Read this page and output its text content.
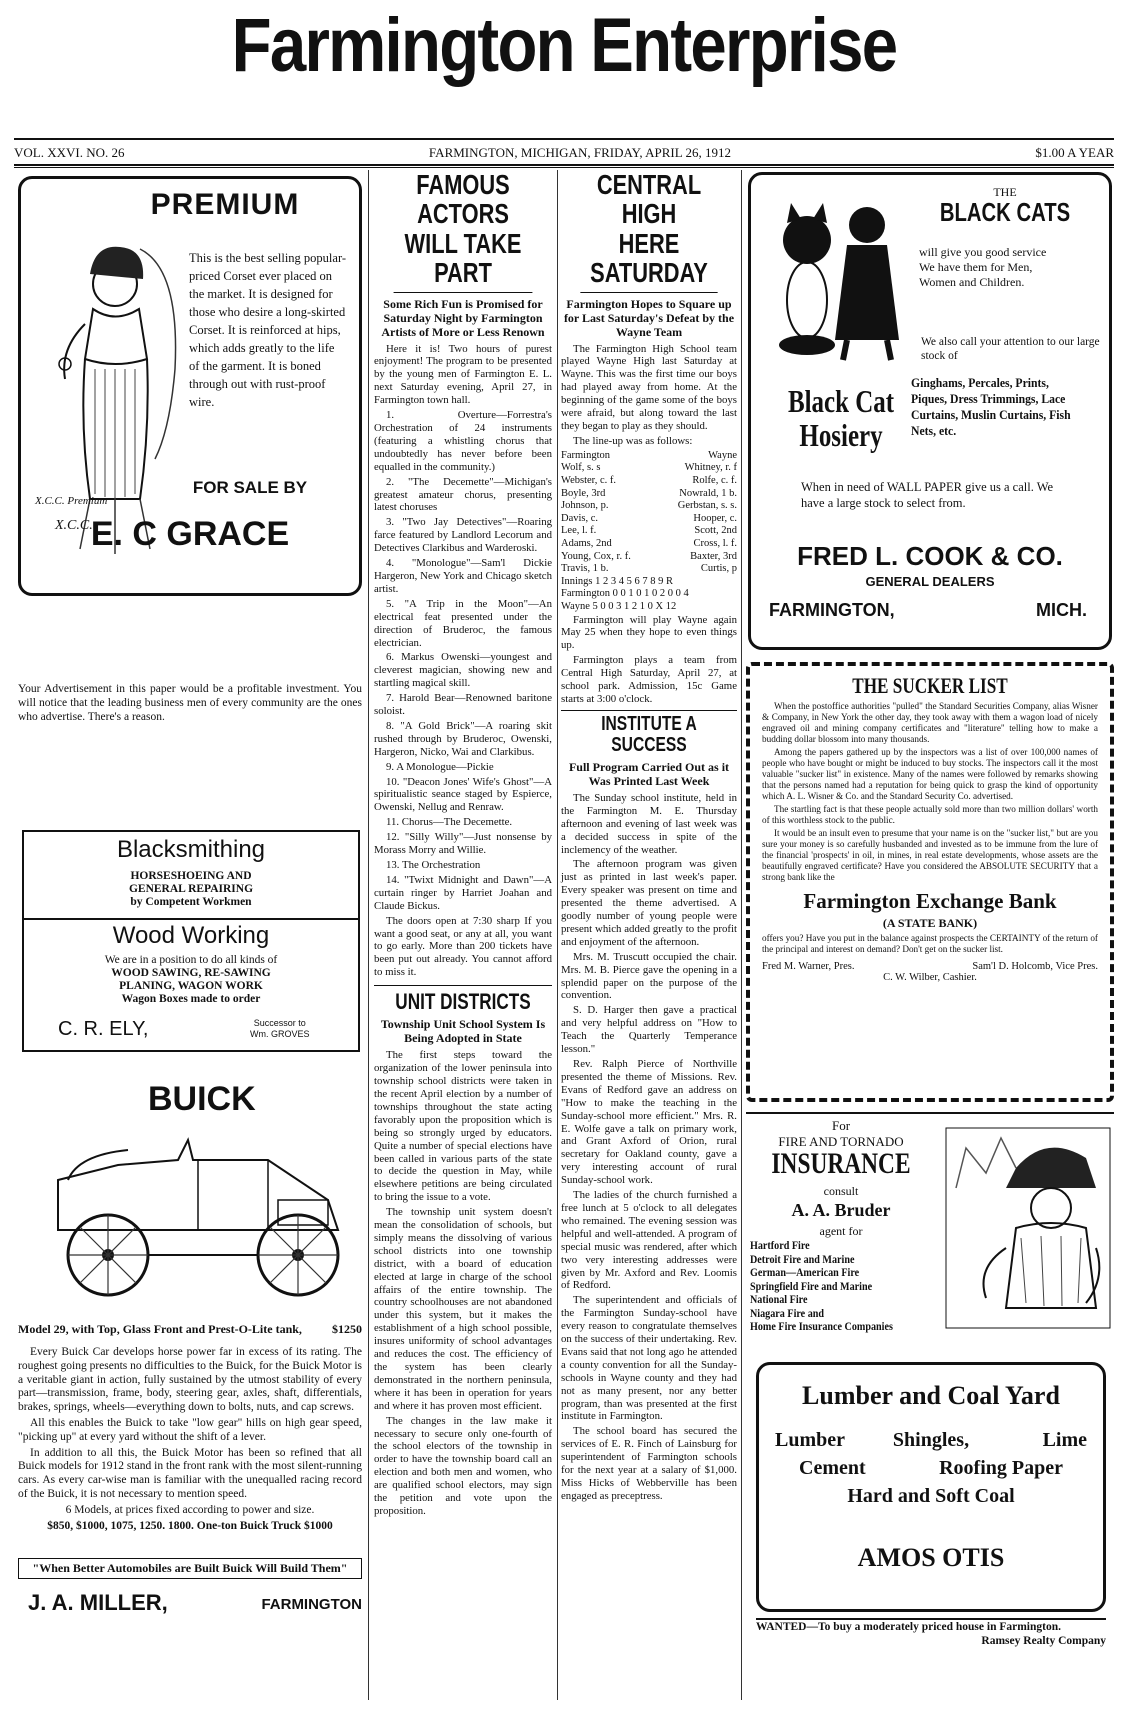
Farmington Enterprise
VOL. XXVI. NO. 26	FARMINGTON, MICHIGAN, FRIDAY, APRIL 26, 1912	$1.00 A YEAR
PREMIUM
X.C.C.
X.C.C. Premium
This is the best selling popular-priced Corset ever placed on the market. It is designed for those who desire a long-skirted Corset. It is reinforced at hips, which adds greatly to the life of the garment. It is boned through out with rust-proof wire.
FOR SALE BY
E. C GRACE
Your Advertisement in this paper would be a profitable investment. You will notice that the leading business men of every community are the ones who advertise. There's a reason.
Blacksmithing
HORSESHOEING AND
GENERAL REPAIRING
by Competent Workmen
Wood Working
We are in a position to do all kinds of
WOOD SAWING, RE-SAWING
PLANING, WAGON WORK
Wagon Boxes made to order
C. R. ELY,	Successor to
Wm. GROVES
BUICK
Model 29, with Top, Glass Front and Prest-O-Lite tank,	$1250

Every Buick Car develops horse power far in excess of its rating. The roughest going presents no difficulties to the Buick, for the Buick Motor is a veritable giant in action, fully sustained by the utmost stability of every part—transmission, frame, body, steering gear, axles, shaft, differentials, brakes, springs, wheels—everything down to bolts, nuts, and cap screws.

All this enables the Buick to take "low gear" hills on high gear speed, "picking up" at every yard without the shift of a lever.

In addition to all this, the Buick Motor has been so refined that all Buick models for 1912 stand in the front rank with the most silent-running cars. As every car-wise man is familiar with the unequalled racing record of the Buick, it is not necessary to mention speed.

6 Models, at prices fixed according to power and size.

$850, $1000, 1075, 1250. 1800. One-ton Buick Truck $1000

"When Better Automobiles are Built Buick Will Build Them"
J. A. MILLER,	FARMINGTON
FAMOUS ACTORS
WILL TAKE PART
Some Rich Fun is Promised for Saturday Night by Farmington Artists of More or Less Renown

Here it is! Two hours of purest enjoyment! The program to be presented by the young men of Farmington E. L. next Saturday evening, April 27, in Farmington town hall.

1. Overture—Forrestra's Orchestration of 24 instruments (featuring a whistling chorus that undoubtedly has never before been equalled in the community.)

2. "The Decemette"—Michigan's greatest amateur chorus, presenting latest choruses

3. "Two Jay Detectives"—Roaring farce featured by Landlord Lecorum and Detectives Clarkibus and Warderoski.

4. "Monologue"—Sam'l Dickie Hargeron, New York and Chicago sketch artist.

5. "A Trip in the Moon"—An electrical feat presented under the direction of Bruderoc, the famous electrician.

6. Markus Owenski—youngest and cleverest magician, showing new and startling magical skill.

7. Harold Bear—Renowned baritone soloist.

8. "A Gold Brick"—A roaring skit rushed through by Bruderoc, Owenski, Hargeron, Nicko, Wai and Clarkibus.

9. A Monologue—Pickie

10. "Deacon Jones' Wife's Ghost"—A spiritualistic seance staged by Espierce, Owenski, Nellug and Renraw.

11. Chorus—The Decemette.

12. "Silly Willy"—Just nonsense by Morass Morry and Willie.

13. The Orchestration

14. "Twixt Midnight and Dawn"—A curtain ringer by Harriet Joahan and Claude Bickus.

The doors open at 7:30 sharp If you want a good seat, or any at all, you want to go early. More than 200 tickets have been put out already. You cannot afford to miss it.

UNIT DISTRICTS
Township Unit School System Is Being Adopted in State

The first steps toward the organization of the lower peninsula into township school districts were taken in the recent April election by a number of townships throughout the state acting favorably upon the proposition which is being so strongly urged by educators. Quite a number of special elections have been called in various parts of the state to decide the question in May, while elsewhere petitions are being circulated to bring the issue to a vote.

The township unit system doesn't mean the consolidation of schools, but simply means the dissolving of various school districts into one township district, with a board of education elected at large in charge of the school affairs of the entire township. The country schoolhouses are not abandoned under this system, but it makes the establishment of a high school possible, insures uniformity of school advantages and reduces the cost. The efficiency of the system has been clearly demonstrated in the northern peninsula, where it has been in operation for years and where it has proven most efficient.

The changes in the law make it necessary to secure only one-fourth of the school electors of the township in order to have the township board call an election and both men and women, who are qualified school electors, may sign the petition and vote upon the proposition.

CENTRAL HIGH
HERE SATURDAY
Farmington Hopes to Square up for Last Saturday's Defeat by the Wayne Team

The Farmington High School team played Wayne High last Saturday at Wayne. This was the first time our boys had played away from home. At the beginning of the game some of the boys were afraid, but along toward the last they began to play as they should.

The line-up was as follows:

Farmington	Wayne
Wolf, s. s	Whitney, r. f
Webster, c. f.	Rolfe, c. f.
Boyle, 3rd	Nowrald, 1 b.
Johnson, p.	Gerbstan, s. s.
Davis, c.	Hooper, c.
Lee, l. f.	Scott, 2nd
Adams, 2nd	Cross, l. f.
Young, Cox, r. f.	Baxter, 3rd
Travis, 1 b.	Curtis, p
Innings 1 2 3 4 5 6 7 8 9 R
Farmington 0 0 1 0 1 0 2 0 0 4
Wayne 5 0 0 3 1 2 1 0 X 12

Farmington will play Wayne again May 25 when they hope to even things up.

Farmington plays a team from Central High Saturday, April 27, at school park. Admission, 15c Game starts at 3:00 o'clock.

INSTITUTE A SUCCESS
Full Program Carried Out as it Was Printed Last Week

The Sunday school institute, held in the Farmington M. E. Thursday afternoon and evening of last week was a decided success in spite of the inclemency of the weather.

The afternoon program was given just as printed in last week's paper. Every speaker was present on time and presented the theme advertised. A goodly number of young people were present which added greatly to the profit and enjoyment of the afternoon.

Mrs. M. Truscutt occupied the chair. Mrs. M. B. Pierce gave the opening in a splendid paper on the purpose of the convention.

S. D. Harger then gave a practical and very helpful address on "How to Teach the Quarterly Temperance lesson."

Rev. Ralph Pierce of Northville presented the theme of Missions. Rev. Evans of Redford gave an address on "How to make the teaching in the Sunday-school more efficient." Mrs. R. E. Wolfe gave a talk on primary work, and Grant Axford of Orion, rural secretary for Oakland county, gave a very interesting account of rural Sunday-school work.

The ladies of the church furnished a free lunch at 5 o'clock to all delegates who remained. The evening session was helpful and well-attended. A program of special music was rendered, after which two very interesting addresses were given by Mr. Axford and Rev. Loomis of Redford.

The superintendent and officials of the Farmington Sunday-school have every reason to congratulate themselves on the success of their undertaking. Rev. Evans said that not long ago he attended a county convention for all the Sunday-schools in Wayne county and they had not as many present, nor any better program, than was presented at the first institute in Farmington.

The school board has secured the services of E. R. Finch of Lainsburg for superintendent of Farmington schools for the next year at a salary of $1,000. Miss Hicks of Webberville has been engaged as preceptress.

THE
BLACK CATS
will give you good service
We have them for Men,
Women and Children.
We also call your attention to our large stock of
Ginghams, Percales, Prints, Piques, Dress Trimmings, Lace Curtains, Muslin Curtains, Fish Nets, etc.
Black Cat
Hosiery
When in need of WALL PAPER give us a call. We have a large stock to select from.
FRED L. COOK & CO.
GENERAL DEALERS
FARMINGTON,	MICH.
THE SUCKER LIST

When the postoffice authorities "pulled" the Standard Securities Company, alias Wisner & Company, in New York the other day, they took away with them a wagon load of nicely engraved oil and mining company certificates and "literature" telling how to make a budding dollar blossom into many thousands.

Among the papers gathered up by the inspectors was a list of over 100,000 names of people who have bought or might be induced to buy stocks. The inspectors call it the most valuable "sucker list" in existence. Many of the names were followed by remarks showing that the persons named had a reputation for being quick to grasp the kind of opportunity which A. L. Wisner & Co. and the Standard Security Co. advertised.

The startling fact is that these people actually sold more than two million dollars' worth of this worthless stock to the public.

It would be an insult even to presume that your name is on the "sucker list," but are you sure your money is so carefully husbanded and invested as to be immune from the lure of the financial 'prospects' in oil, in mines, in real estate developments, whose assets are the beautifully engraved certificate? Have you considered the ABSOLUTE SECURITY that a strong bank like the

Farmington Exchange Bank
(A STATE BANK)
offers you? Have you put in the balance against prospects the CERTAINTY of the return of the principal and interest on demand? Don't get on the sucker list.
Fred M. Warner, Pres.	Sam'l D. Holcomb, Vice Pres.
C. W. Wilber, Cashier.
For
FIRE AND TORNADO
INSURANCE
consult
A. A. Bruder
agent for
Hartford Fire
Detroit Fire and Marine
German—American Fire
Springfield Fire and Marine
National Fire
Niagara Fire and
Home Fire Insurance Companies
Lumber and Coal Yard
Lumber	Shingles,	Lime
Cement	Roofing Paper
Hard and Soft Coal
AMOS OTIS
WANTED—To buy a moderately priced house in Farmington.
Ramsey Realty Company
